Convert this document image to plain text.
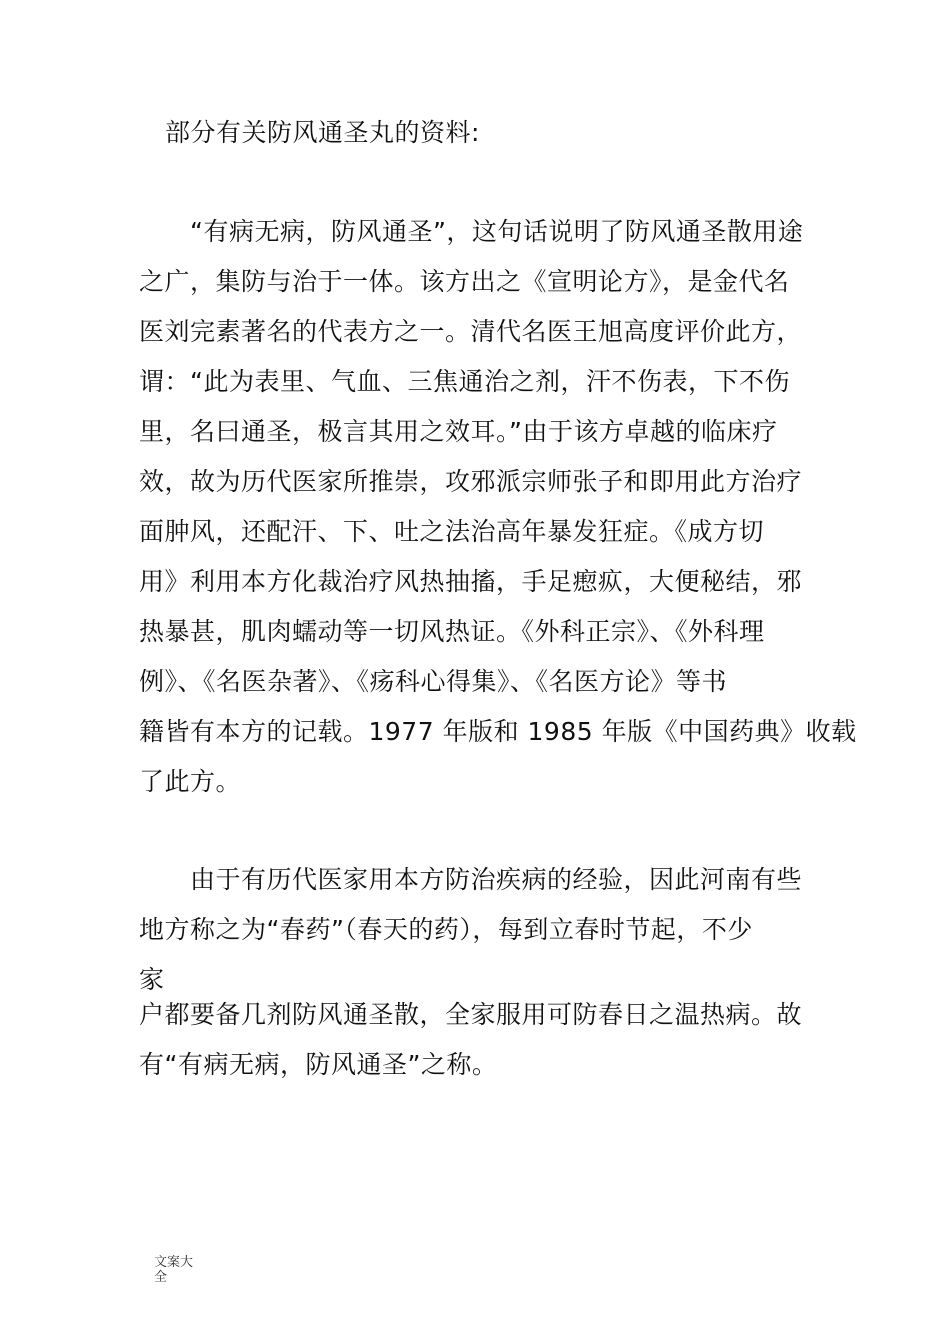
部分有关防风通圣丸的资料:
“有病无病，防风通圣”，这句话说明了防风通圣散用途
之广，集防与治于一体。该方出之《宣明论方》，是金代名
医刘完素著名的代表方之一。清代名医王旭高度评价此方，
谓：“此为表里、气血、三焦通治之剂，汗不伤表，下不伤
里，名曰通圣，极言其用之效耳。”由于该方卓越的临床疗
效，故为历代医家所推崇，攻邪派宗师张子和即用此方治疗
面肿风，还配汗、下、吐之法治高年暴发狂症。《成方切
用》利用本方化裁治疗风热抽搐，手足瘛疭，大便秘结，邪
热暴甚，肌肉蠕动等一切风热证。《外科正宗》、《外科理
例》、《名医杂著》、《疡科心得集》、《名医方论》等书
籍皆有本方的记载。1977 年版和 1985 年版《中国药典》收载
了此方。
由于有历代医家用本方防治疾病的经验，因此河南有些
地方称之为“春药”（春天的药），每到立春时节起，不少
家
户都要备几剂防风通圣散，全家服用可防春日之温热病。故
有“有病无病，防风通圣”之称。
文案大全
